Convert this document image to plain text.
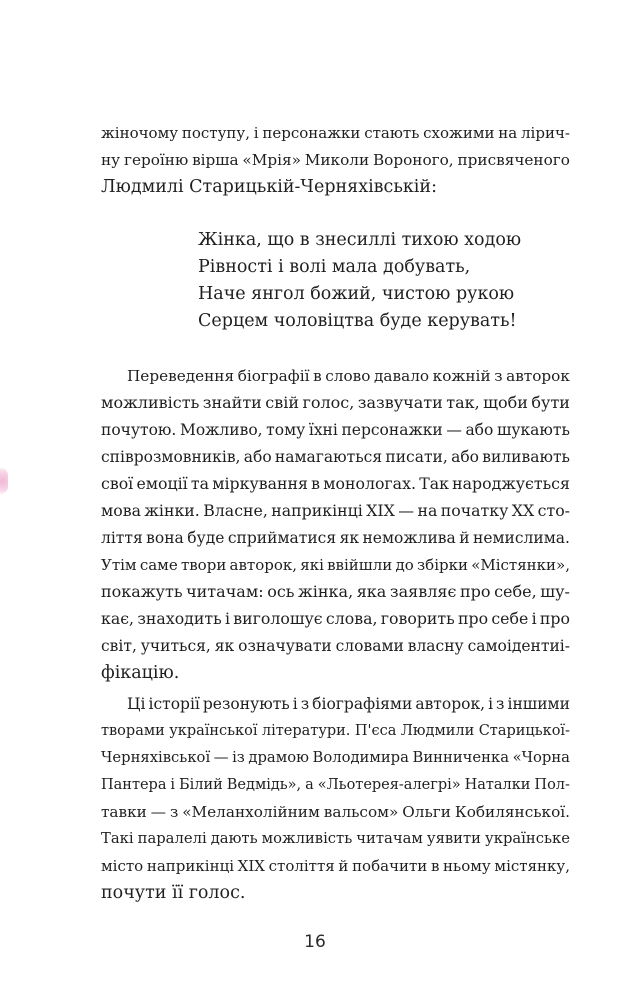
жіночому поступу, і персонажки стають схожими на лірич-
ну героїню вірша «Мрія» Миколи Вороного, присвяченого
Людмилі Старицькій-Черняхівській:
Жінка, що в знесиллі тихою ходою
Рівності і волі мала добувать,
Наче янгол божий, чистою рукою
Серцем чоловіцтва буде керувать!
Переведення біографії в слово давало кожній з авторок
можливість знайти свій голос, зазвучати так, щоби бути
почутою. Можливо, тому їхні персонажки — або шукають
співрозмовників, або намагаються писати, або виливають
свої емоції та міркування в монологах. Так народжується
мова жінки. Власне, наприкінці ХІХ — на початку ХХ сто-
ліття вона буде сприйматися як неможлива й немислима.
Утім саме твори авторок, які ввійшли до збірки «Містянки»,
покажуть читачам: ось жінка, яка заявляє про себе, шу-
кає, знаходить і виголошує слова, говорить про себе і про
світ, учиться, як означувати словами власну самоідентиі-
фікацію.
Ці історії резонують і з біографіями авторок, і з іншими
творами української літератури. П'єса Людмили Старицької-
Черняхівської — із драмою Володимира Винниченка «Чорна
Пантера і Білий Ведмідь», а «Льотерея-алегрі» Наталки Пол-
тавки — з «Меланхолійним вальсом» Ольги Кобилянської.
Такі паралелі дають можливість читачам уявити українське
місто наприкінці ХІХ століття й побачити в ньому містянку,
почути її голос.
16
